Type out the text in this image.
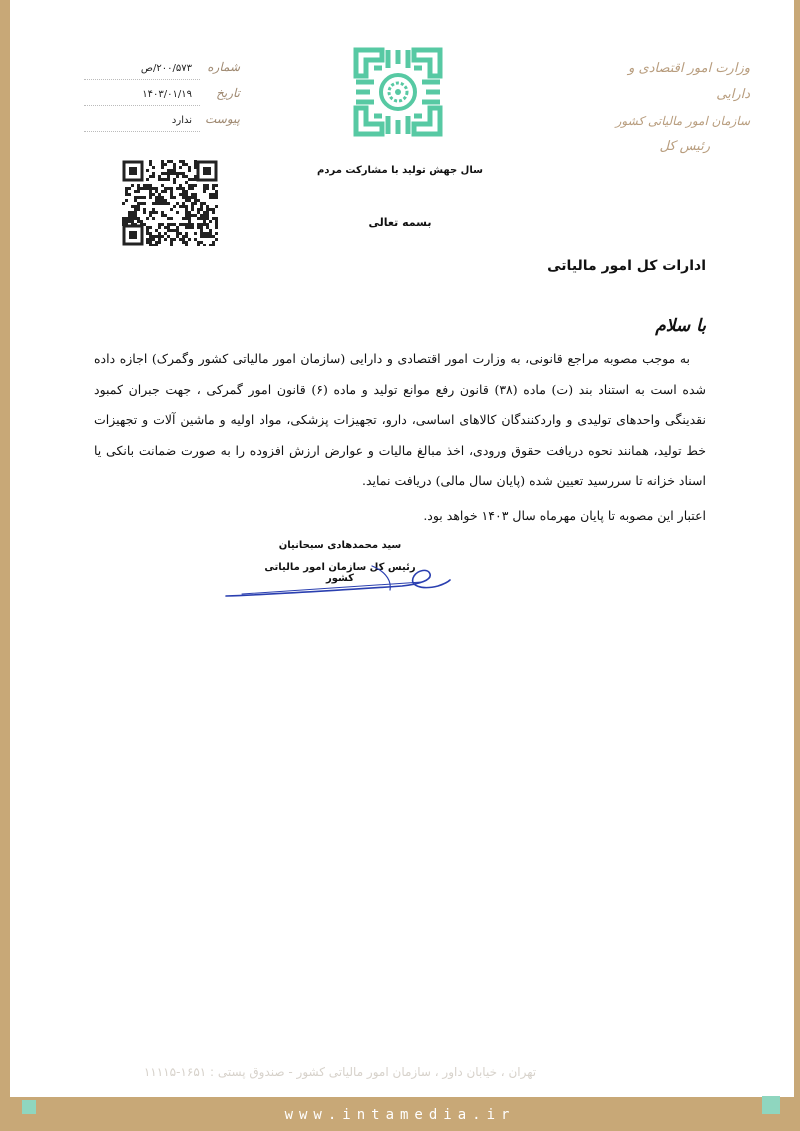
وزارت امور اقتصادی و دارایی
سازمان امور مالیاتی کشور
رئیس کل
سال جهش تولید با مشارکت مردم
بسمه تعالی
شماره
۲۰۰/۵۷۳/ص
تاریخ
۱۴۰۳/۰۱/۱۹
پیوست
ندارد
ادارات کل امور مالیاتی
با سلام

به موجب مصوبه مراجع قانونی، به وزارت امور اقتصادی و دارایی (سازمان امور مالیاتی کشور وگمرک) اجازه داده شده است به استناد بند (ت) ماده (۳۸) قانون رفع موانع تولید و ماده (۶) قانون امور گمرکی ، جهت جبران کمبود نقدینگی واحدهای تولیدی و واردکنندگان کالاهای اساسی، دارو، تجهیزات پزشکی، مواد اولیه و ماشین آلات و تجهیزات خط تولید، همانند نحوه دریافت حقوق ورودی، اخذ مبالغ مالیات و عوارض ارزش افزوده را به صورت ضمانت بانکی یا اسناد خزانه تا سررسید تعیین شده (پایان سال مالی) دریافت نماید.

اعتبار این مصوبه تا پایان مهرماه سال ۱۴۰۳ خواهد بود.
سید محمدهادی سبحانیان
رئیس کل سازمان امور مالیاتی کشور
تهران ، خیابان داور ، سازمان امور مالیاتی کشور - صندوق پستی : ۱۶۵۱-۱۱۱۱۵
www.intamedia.ir
